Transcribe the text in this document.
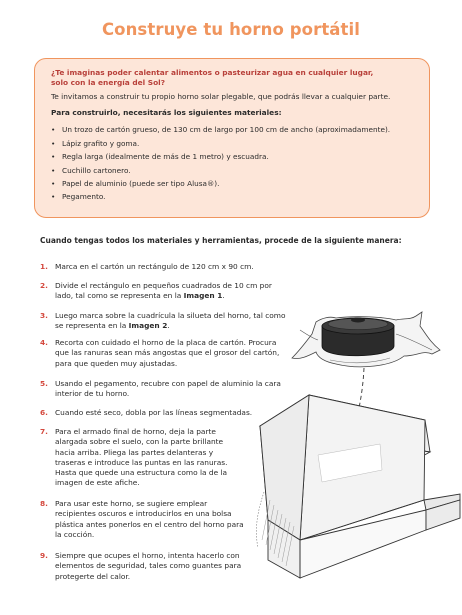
Construye tu horno portátil

¿Te imaginas poder calentar alimentos o pasteurizar agua en cualquier lugar, solo con la energía del Sol?

Te invitamos a construir tu propio horno solar plegable, que podrás llevar a cualquier parte.

Para construirlo, necesitarás los siguientes materiales:

• Un trozo de cartón grueso, de 130 cm de largo por 100 cm de ancho (aproximadamente).
• Lápiz grafito y goma.
• Regla larga (idealmente de más de 1 metro) y escuadra.
• Cuchillo cartonero.
• Papel de aluminio (puede ser tipo Alusa®).
• Pegamento.
Cuando tengas todos los materiales y herramientas, procede de la siguiente manera:
1. Marca en el cartón un rectángulo de 120 cm x 90 cm.
2. Divide el rectángulo en pequeños cuadrados de 10 cm por lado, tal como se representa en la Imagen 1.
3. Luego marca sobre la cuadrícula la silueta del horno, tal como se representa en la Imagen 2.
4. Recorta con cuidado el horno de la placa de cartón. Procura que las ranuras sean más angostas que el grosor del cartón, para que queden muy ajustadas.
5. Usando el pegamento, recubre con papel de aluminio la cara interior de tu horno.
6. Cuando esté seco, dobla por las líneas segmentadas.
7. Para el armado final de horno, deja la parte alargada sobre el suelo, con la parte brillante hacia arriba. Pliega las partes delanteras y traseras e introduce las puntas en las ranuras. Hasta que quede una estructura como la de la imagen de este afiche.
8. Para usar este horno, se sugiere emplear recipientes oscuros e introducirlos en una bolsa plástica antes ponerlos en el centro del horno para la cocción.
9. Siempre que ocupes el horno, intenta hacerlo con elementos de seguridad, tales como guantes para protegerte del calor.
